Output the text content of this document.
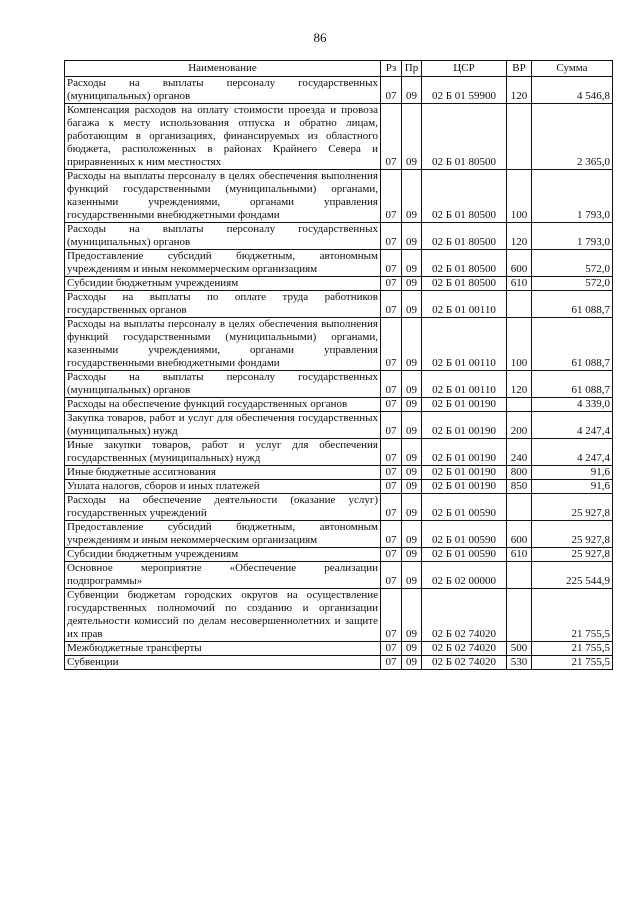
86
Наименование	Рз	Пр	ЦСР	ВР	Сумма
Расходы на выплаты персоналу государственных (муниципальных) органов	07	09	02 Б 01 59900	120	4 546,8
Компенсация расходов на оплату стоимости проезда и провоза багажа к месту использования отпуска и обратно лицам, работающим в организациях, финансируемых из областного бюджета, расположенных в районах Крайнего Севера и приравненных к ним местностях	07	09	02 Б 01 80500		2 365,0
Расходы на выплаты персоналу в целях обеспечения выполнения функций государственными (муниципальными) органами, казенными учреждениями, органами управления государственными внебюджетными фондами	07	09	02 Б 01 80500	100	1 793,0
Расходы на выплаты персоналу государственных (муниципальных) органов	07	09	02 Б 01 80500	120	1 793,0
Предоставление субсидий бюджетным, автономным учреждениям и иным некоммерческим организациям	07	09	02 Б 01 80500	600	572,0
Субсидии бюджетным учреждениям	07	09	02 Б 01 80500	610	572,0
Расходы на выплаты по оплате труда работников государственных органов	07	09	02 Б 01 00110		61 088,7
Расходы на выплаты персоналу в целях обеспечения выполнения функций государственными (муниципальными) органами, казенными учреждениями, органами управления государственными внебюджетными фондами	07	09	02 Б 01 00110	100	61 088,7
Расходы на выплаты персоналу государственных (муниципальных) органов	07	09	02 Б 01 00110	120	61 088,7
Расходы на обеспечение функций государственных органов	07	09	02 Б 01 00190		4 339,0
Закупка товаров, работ и услуг для обеспечения государственных (муниципальных) нужд	07	09	02 Б 01 00190	200	4 247,4
Иные закупки товаров, работ и услуг для обеспечения государственных (муниципальных) нужд	07	09	02 Б 01 00190	240	4 247,4
Иные бюджетные ассигнования	07	09	02 Б 01 00190	800	91,6
Уплата налогов, сборов и иных платежей	07	09	02 Б 01 00190	850	91,6
Расходы на обеспечение деятельности (оказание услуг) государственных учреждений	07	09	02 Б 01 00590		25 927,8
Предоставление субсидий бюджетным, автономным учреждениям и иным некоммерческим организациям	07	09	02 Б 01 00590	600	25 927,8
Субсидии бюджетным учреждениям	07	09	02 Б 01 00590	610	25 927,8
Основное мероприятие «Обеспечение реализации подпрограммы»	07	09	02 Б 02 00000		225 544,9
Субвенции бюджетам городских округов на осуществление государственных полномочий по созданию и организации деятельности комиссий по делам несовершеннолетних и защите их прав	07	09	02 Б 02 74020		21 755,5
Межбюджетные трансферты	07	09	02 Б 02 74020	500	21 755,5
Субвенции	07	09	02 Б 02 74020	530	21 755,5
